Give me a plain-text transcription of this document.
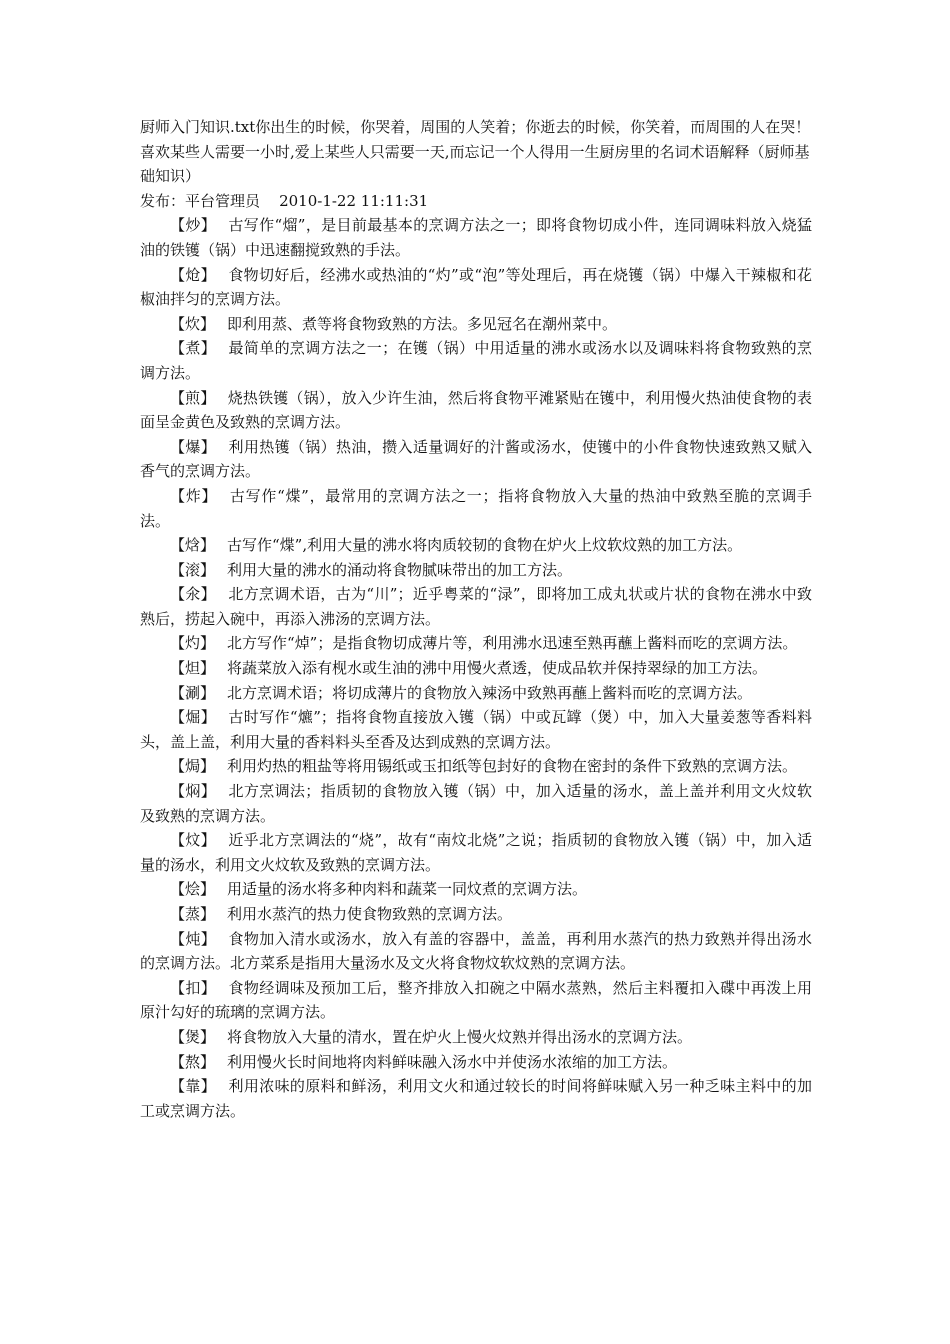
厨师入门知识.txt你出生的时候，你哭着，周围的人笑着；你逝去的时候，你笑着，而周围的人在哭！喜欢某些人需要一小时,爱上某些人只需要一天,而忘记一个人得用一生厨房里的名词术语解释（厨师基础知识）

发布：平台管理员    2010-1-22 11:11:31

【炒】 古写作“熘”，是目前最基本的烹调方法之一；即将食物切成小件，连同调味料放入烧猛油的铁镬（锅）中迅速翻搅致熟的手法。

【炝】 食物切好后，经沸水或热油的“灼”或“泡”等处理后，再在烧镬（锅）中爆入干辣椒和花椒油拌匀的烹调方法。

【炊】 即利用蒸、煮等将食物致熟的方法。多见冠名在潮州菜中。

【煮】 最简单的烹调方法之一；在镬（锅）中用适量的沸水或汤水以及调味料将食物致熟的烹调方法。

【煎】 烧热铁镬（锅），放入少许生油，然后将食物平滩紧贴在镬中，利用慢火热油使食物的表面呈金黄色及致熟的烹调方法。

【爆】 利用热镬（锅）热油，攒入适量调好的汁酱或汤水，使镬中的小件食物快速致熟又赋入香气的烹调方法。

【炸】 古写作“煠”，最常用的烹调方法之一；指将食物放入大量的热油中致熟至脆的烹调手法。

【焓】 古写作“煠”,利用大量的沸水将肉质较韧的食物在炉火上炆软炆熟的加工方法。

【滚】 利用大量的沸水的涌动将食物腻味带出的加工方法。

【氽】 北方烹调术语，古为“川”；近乎粤菜的“渌”，即将加工成丸状或片状的食物在沸水中致熟后，捞起入碗中，再添入沸汤的烹调方法。

【灼】 北方写作“焯”；是指食物切成薄片等，利用沸水迅速至熟再蘸上酱料而吃的烹调方法。

【炟】 将蔬菜放入添有枧水或生油的沸中用慢火煮透，使成品软并保持翠绿的加工方法。

【涮】 北方烹调术语；将切成薄片的食物放入辣汤中致熟再蘸上酱料而吃的烹调方法。

【煀】 古时写作“爊”；指将食物直接放入镬（锅）中或瓦罉（煲）中，加入大量姜葱等香料料头，盖上盖，利用大量的香料料头至香及达到成熟的烹调方法。

【焗】 利用灼热的粗盐等将用锡纸或玉扣纸等包封好的食物在密封的条件下致熟的烹调方法。

【焖】 北方烹调法；指质韧的食物放入镬（锅）中，加入适量的汤水，盖上盖并利用文火炆软及致熟的烹调方法。

【炆】 近乎北方烹调法的“烧”，故有“南炆北烧”之说；指质韧的食物放入镬（锅）中，加入适量的汤水，利用文火炆软及致熟的烹调方法。

【烩】 用适量的汤水将多种肉料和蔬菜一同炆煮的烹调方法。

【蒸】 利用水蒸汽的热力使食物致熟的烹调方法。

【炖】 食物加入清水或汤水，放入有盖的容器中，盖盖，再利用水蒸汽的热力致熟并得出汤水的烹调方法。北方菜系是指用大量汤水及文火将食物炆软炆熟的烹调方法。

【扣】 食物经调味及预加工后，整齐排放入扣碗之中隔水蒸熟，然后主料覆扣入碟中再泼上用原汁勾好的琉璃的烹调方法。

【煲】 将食物放入大量的清水，置在炉火上慢火炆熟并得出汤水的烹调方法。

【熬】 利用慢火长时间地将肉料鲜味融入汤水中并使汤水浓缩的加工方法。

【靠】 利用浓味的原料和鲜汤，利用文火和通过较长的时间将鲜味赋入另一种乏味主料中的加工或烹调方法。
